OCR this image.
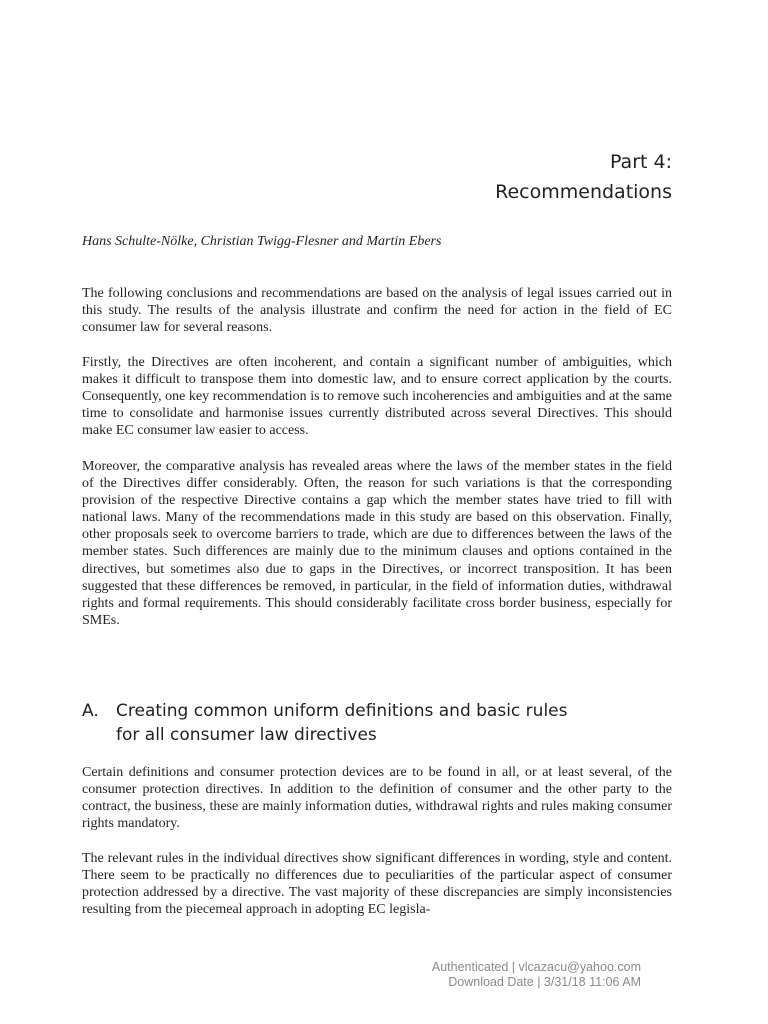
Part 4:
Recommendations
Hans Schulte-Nölke, Christian Twigg-Flesner and Martin Ebers

The following conclusions and recommendations are based on the analysis of legal issues carried out in this study. The results of the analysis illustrate and confirm the need for action in the field of EC consumer law for several reasons.

Firstly, the Directives are often incoherent, and contain a significant number of ambiguities, which makes it difficult to transpose them into domestic law, and to ensure correct application by the courts. Consequently, one key recommendation is to remove such incoherencies and ambiguities and at the same time to consolidate and harmonise issues currently distributed across several Directives. This should make EC consumer law easier to access.

Moreover, the comparative analysis has revealed areas where the laws of the member states in the field of the Directives differ considerably. Often, the reason for such variations is that the corresponding provision of the respective Directive contains a gap which the member states have tried to fill with national laws. Many of the recommendations made in this study are based on this observation. Finally, other proposals seek to overcome barriers to trade, which are due to differences between the laws of the member states. Such differences are mainly due to the minimum clauses and options contained in the directives, but sometimes also due to gaps in the Directives, or incorrect transposition. It has been suggested that these differences be removed, in particular, in the field of information duties, withdrawal rights and formal requirements. This should considerably facilitate cross border business, especially for SMEs.

A.	Creating common uniform definitions and basic rules
for all consumer law directives

Certain definitions and consumer protection devices are to be found in all, or at least several, of the consumer protection directives. In addition to the definition of consumer and the other party to the contract, the business, these are mainly information duties, withdrawal rights and rules making consumer rights mandatory.

The relevant rules in the individual directives show significant differences in wording, style and content. There seem to be practically no differences due to peculiarities of the particular aspect of consumer protection addressed by a directive. The vast majority of these discrepancies are simply inconsistencies resulting from the piecemeal approach in adopting EC legisla-

Authenticated | vlcazacu@yahoo.com
Download Date | 3/31/18 11:06 AM
